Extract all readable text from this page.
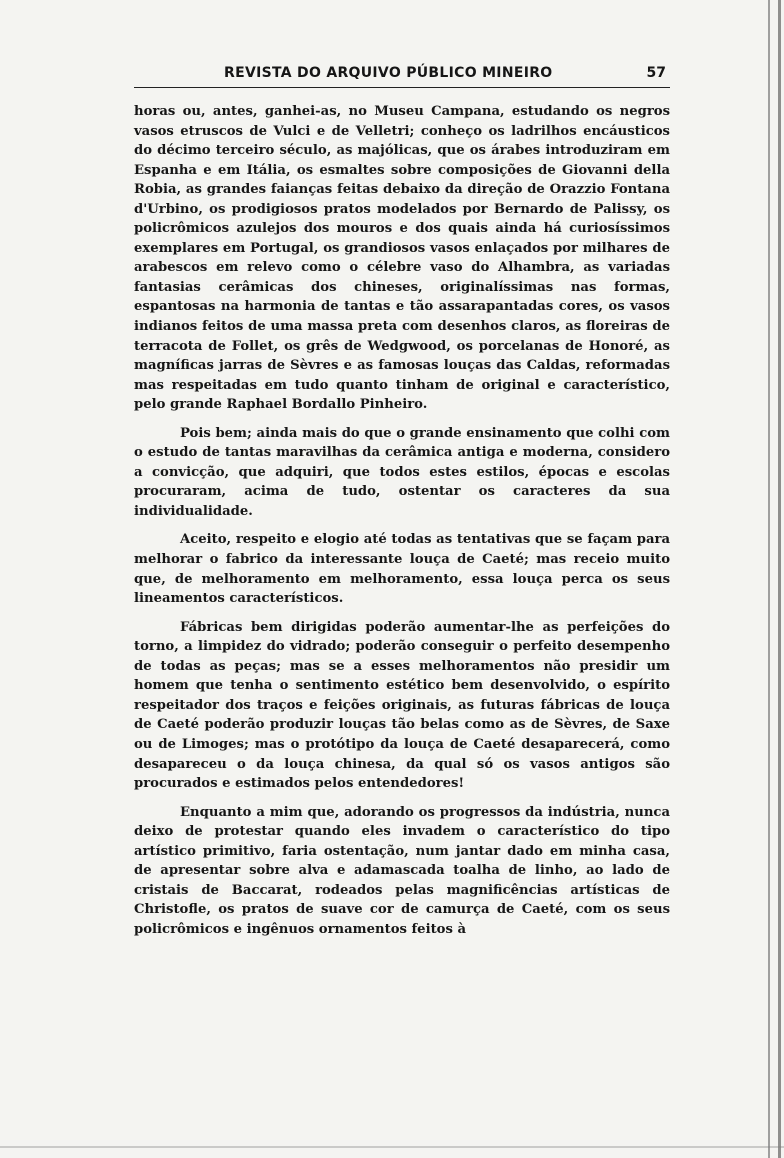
REVISTA DO ARQUIVO PÚBLICO MINEIRO	57

horas ou, antes, ganhei-as, no Museu Campana, estudando os negros vasos etruscos de Vulci e de Velletri; conheço os ladrilhos encáusticos do décimo terceiro século, as majólicas, que os árabes introduziram em Espanha e em Itália, os esmaltes sobre composições de Giovanni della Robia, as grandes faianças feitas debaixo da direção de Orazzio Fontana d'Urbino, os prodigiosos pratos modelados por Bernardo de Palissy, os policrômicos azulejos dos mouros e dos quais ainda há curiosíssimos exemplares em Portugal, os grandiosos vasos enlaçados por milhares de arabescos em relevo como o célebre vaso do Alhambra, as variadas fantasias cerâmicas dos chineses, originalíssimas nas formas, espantosas na harmonia de tantas e tão assarapantadas cores, os vasos indianos feitos de uma massa preta com desenhos claros, as floreiras de terracota de Follet, os grês de Wedgwood, os porcelanas de Honoré, as magníficas jarras de Sèvres e as famosas louças das Caldas, reformadas mas respeitadas em tudo quanto tinham de original e característico, pelo grande Raphael Bordallo Pinheiro.

Pois bem; ainda mais do que o grande ensinamento que colhi com o estudo de tantas maravilhas da cerâmica antiga e moderna, considero a convicção, que adquiri, que todos estes estilos, épocas e escolas procuraram, acima de tudo, ostentar os caracteres da sua individualidade.

Aceito, respeito e elogio até todas as tentativas que se façam para melhorar o fabrico da interessante louça de Caeté; mas receio muito que, de melhoramento em melhoramento, essa louça perca os seus lineamentos característicos.

Fábricas bem dirigidas poderão aumentar-lhe as perfeições do torno, a limpidez do vidrado; poderão conseguir o perfeito desempenho de todas as peças; mas se a esses melhoramentos não presidir um homem que tenha o sentimento estético bem desenvolvido, o espírito respeitador dos traços e feições originais, as futuras fábricas de louça de Caeté poderão produzir louças tão belas como as de Sèvres, de Saxe ou de Limoges; mas o protótipo da louça de Caeté desaparecerá, como desapareceu o da louça chinesa, da qual só os vasos antigos são procurados e estimados pelos entendedores!

Enquanto a mim que, adorando os progressos da indústria, nunca deixo de protestar quando eles invadem o característico do tipo artístico primitivo, faria ostentação, num jantar dado em minha casa, de apresentar sobre alva e adamascada toalha de linho, ao lado de cristais de Baccarat, rodeados pelas magnificências artísticas de Christofle, os pratos de suave cor de camurça de Caeté, com os seus policrômicos e ingênuos ornamentos feitos à
